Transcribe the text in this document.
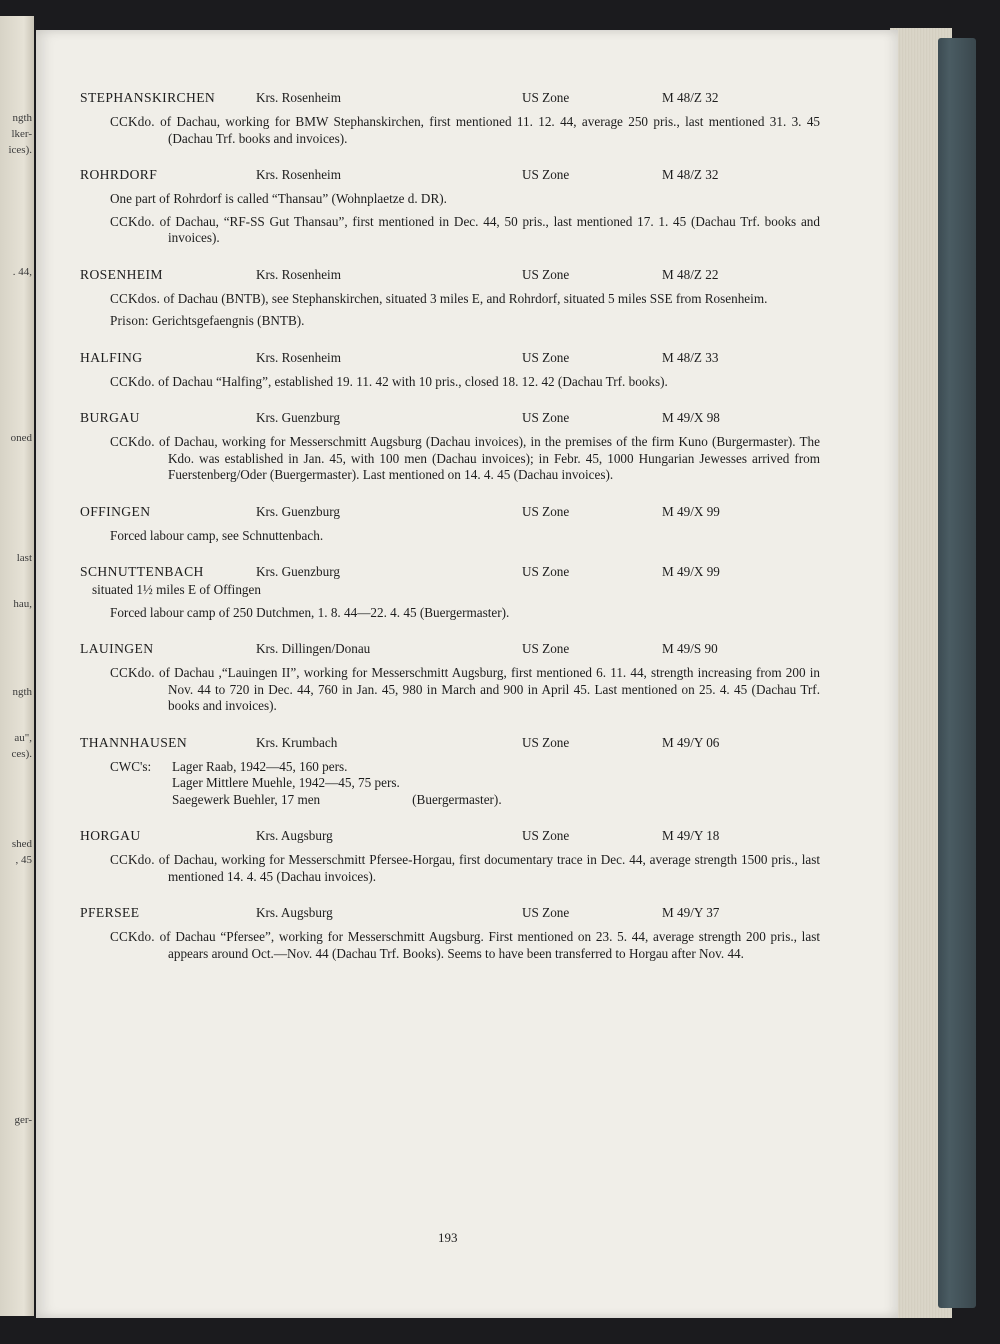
ngth
lker-
ices).
. 44,
oned
last
hau,
ngth
au",
ces).
shed
, 45
ger-
STEPHANSKIRCHEN	Krs. Rosenheim	US Zone	M 48/Z 32
CCKdo. of Dachau, working for BMW Stephanskirchen, first mentioned 11. 12. 44, average 250 pris., last mentioned 31. 3. 45 (Dachau Trf. books and invoices).
ROHRDORF	Krs. Rosenheim	US Zone	M 48/Z 32
One part of Rohrdorf is called “Thansau” (Wohnplaetze d. DR).
CCKdo. of Dachau, “RF-SS Gut Thansau”, first mentioned in Dec. 44, 50 pris., last mentioned 17. 1. 45 (Dachau Trf. books and invoices).
ROSENHEIM	Krs. Rosenheim	US Zone	M 48/Z 22
CCKdos. of Dachau (BNTB), see Stephanskirchen, situated 3 miles E, and Rohrdorf, situated 5 miles SSE from Rosenheim.
Prison: Gerichtsgefaengnis (BNTB).
HALFING	Krs. Rosenheim	US Zone	M 48/Z 33
CCKdo. of Dachau “Halfing”, established 19. 11. 42 with 10 pris., closed 18. 12. 42 (Dachau Trf. books).
BURGAU	Krs. Guenzburg	US Zone	M 49/X 98
CCKdo. of Dachau, working for Messerschmitt Augsburg (Dachau invoices), in the premises of the firm Kuno (Burgermaster). The Kdo. was established in Jan. 45, with 100 men (Dachau invoices); in Febr. 45, 1000 Hungarian Jewesses arrived from Fuerstenberg/Oder (Buergermaster). Last mentioned on 14. 4. 45 (Dachau invoices).
OFFINGEN	Krs. Guenzburg	US Zone	M 49/X 99
Forced labour camp, see Schnuttenbach.
SCHNUTTENBACH	Krs. Guenzburg	US Zone	M 49/X 99
situated 1½ miles E of Offingen
Forced labour camp of 250 Dutchmen, 1. 8. 44—22. 4. 45 (Buergermaster).
LAUINGEN	Krs. Dillingen/Donau	US Zone	M 49/S 90
CCKdo. of Dachau ,“Lauingen II”, working for Messerschmitt Augsburg, first mentioned 6. 11. 44, strength increasing from 200 in Nov. 44 to 720 in Dec. 44, 760 in Jan. 45, 980 in March and 900 in April 45. Last mentioned on 25. 4. 45 (Dachau Trf. books and invoices).
THANNHAUSEN	Krs. Krumbach	US Zone	M 49/Y 06
CWC's:	Lager Raab, 1942—45, 160 pers.
Lager Mittlere Muehle, 1942—45, 75 pers.
Saegewerk Buehler, 17 men	(Buergermaster).
HORGAU	Krs. Augsburg	US Zone	M 49/Y 18
CCKdo. of Dachau, working for Messerschmitt Pfersee-Horgau, first documentary trace in Dec. 44, average strength 1500 pris., last mentioned 14. 4. 45 (Dachau invoices).
PFERSEE	Krs. Augsburg	US Zone	M 49/Y 37
CCKdo. of Dachau “Pfersee”, working for Messerschmitt Augsburg. First mentioned on 23. 5. 44, average strength 200 pris., last appears around Oct.—Nov. 44 (Dachau Trf. Books). Seems to have been transferred to Horgau after Nov. 44.
193
